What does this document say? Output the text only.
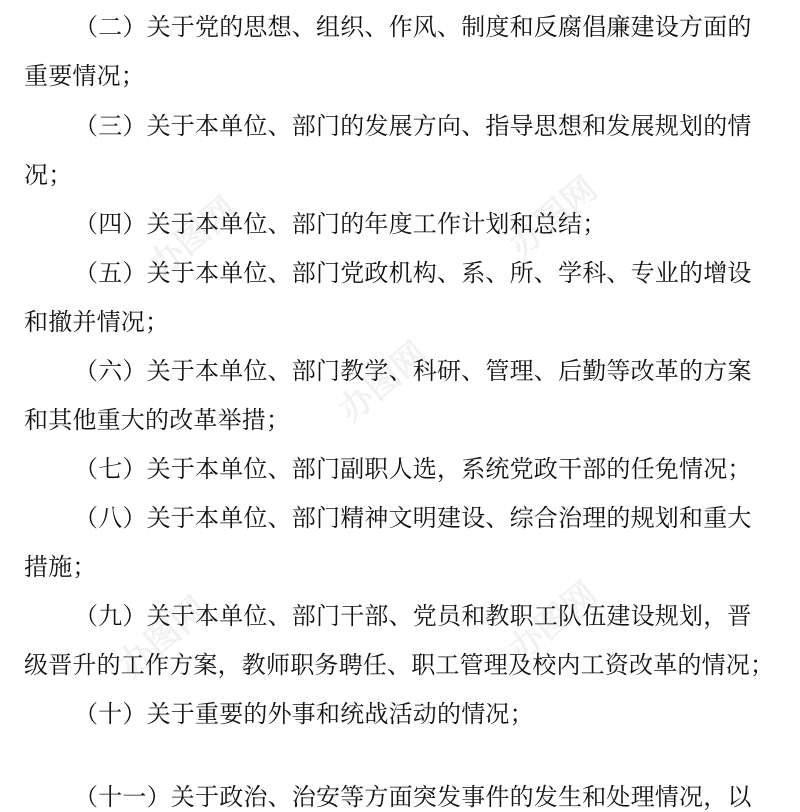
办图网	办图网
办图网
办图网	办图网
（二）关于党的思想、组织、作风、制度和反腐倡廉建设方面的
重要情况；
（三）关于本单位、部门的发展方向、指导思想和发展规划的情
况；
（四）关于本单位、部门的年度工作计划和总结；
（五）关于本单位、部门党政机构、系、所、学科、专业的增设
和撤并情况；
（六）关于本单位、部门教学、科研、管理、后勤等改革的方案
和其他重大的改革举措；
（七）关于本单位、部门副职人选，系统党政干部的任免情况；
（八）关于本单位、部门精神文明建设、综合治理的规划和重大
措施；
（九）关于本单位、部门干部、党员和教职工队伍建设规划，晋
级晋升的工作方案，教师职务聘任、职工管理及校内工资改革的情况；
（十）关于重要的外事和统战活动的情况；
（十一）关于政治、治安等方面突发事件的发生和处理情况，以
